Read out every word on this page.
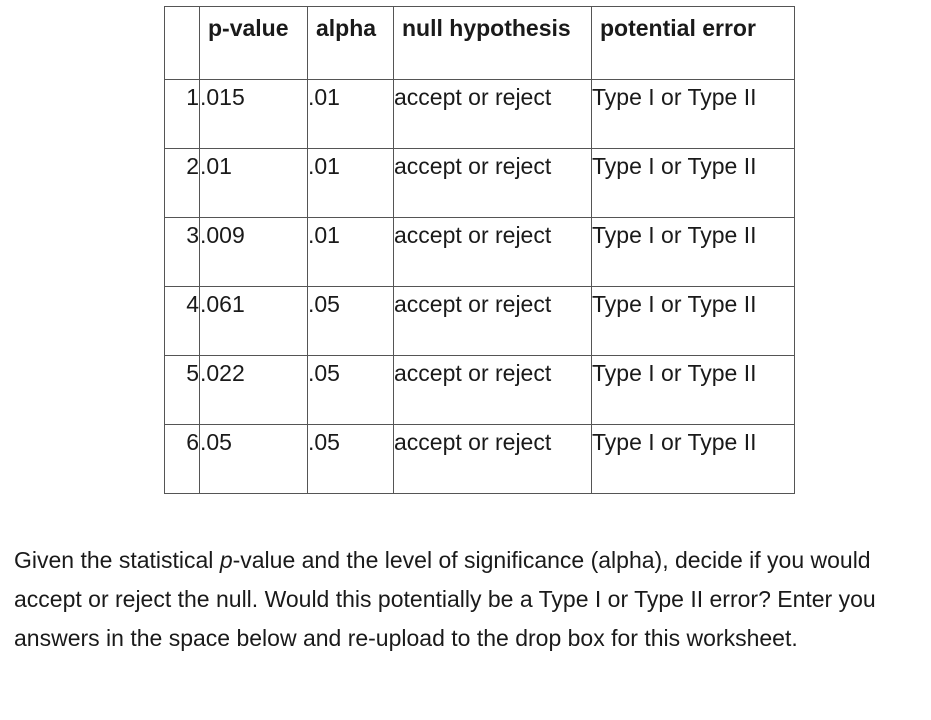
	p-value	alpha	null hypothesis	potential error
1	.015	.01	accept or reject	Type I or Type II
2	.01	.01	accept or reject	Type I or Type II
3	.009	.01	accept or reject	Type I or Type II
4	.061	.05	accept or reject	Type I or Type II
5	.022	.05	accept or reject	Type I or Type II
6	.05	.05	accept or reject	Type I or Type II

Given the statistical p-value and the level of significance (alpha), decide if you would accept or reject the null. Would this potentially be a Type I or Type II error? Enter you answers in the space below and re-upload to the drop box for this worksheet.
